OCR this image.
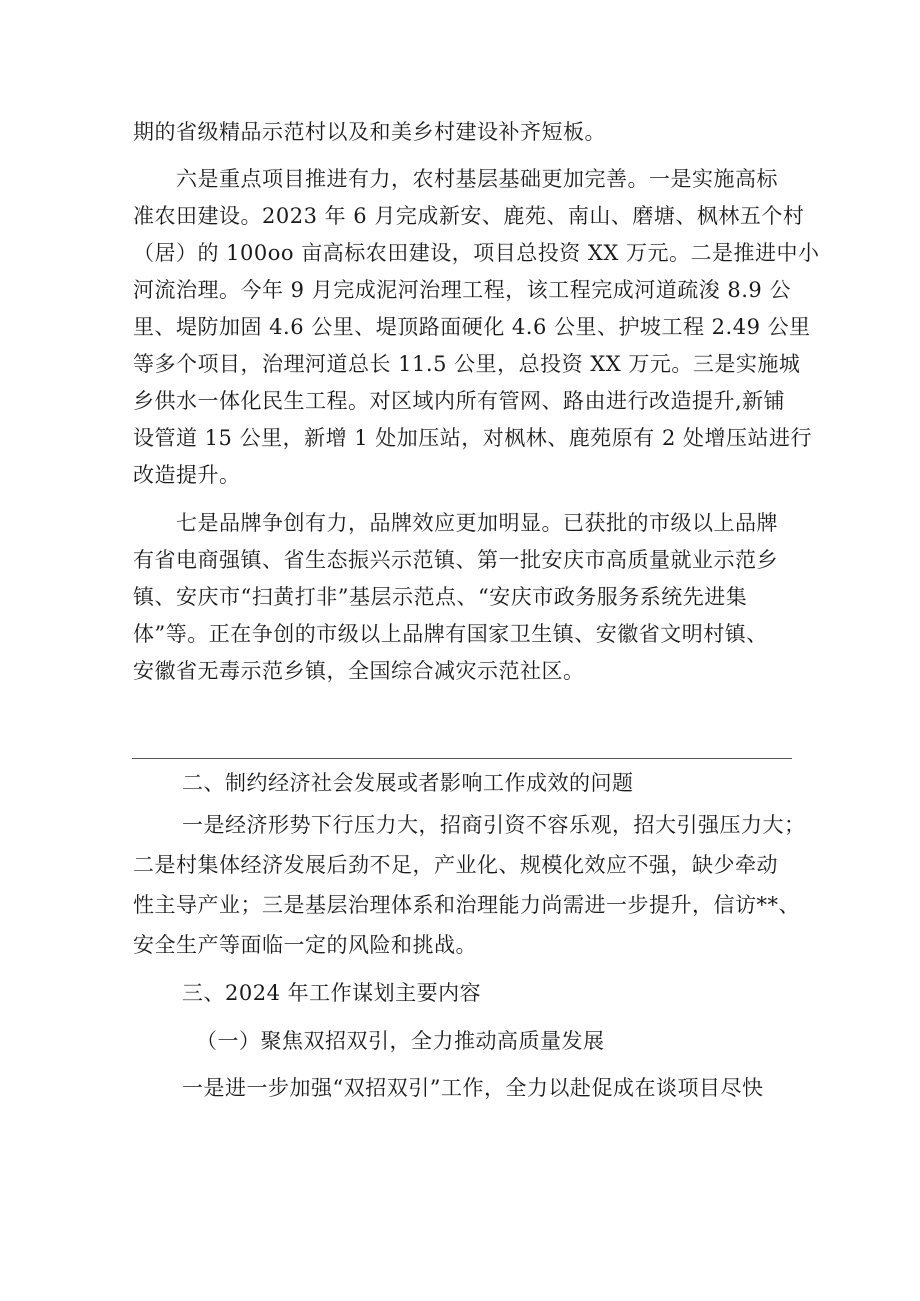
期的省级精品示范村以及和美乡村建设补齐短板。
六是重点项目推进有力，农村基层基础更加完善。一是实施高标
准农田建设。2023 年 6 月完成新安、鹿苑、南山、磨塘、枫林五个村
（居）的 100oo 亩高标农田建设，项目总投资 XX 万元。二是推进中小
河流治理。今年 9 月完成泥河治理工程，该工程完成河道疏浚 8.9 公
里、堤防加固 4.6 公里、堤顶路面硬化 4.6 公里、护坡工程 2.49 公里
等多个项目，治理河道总长 11.5 公里，总投资 XX 万元。三是实施城
乡供水一体化民生工程。对区域内所有管网、路由进行改造提升,新铺
设管道 15 公里，新增 1 处加压站，对枫林、鹿苑原有 2 处增压站进行
改造提升。
七是品牌争创有力，品牌效应更加明显。已获批的市级以上品牌
有省电商强镇、省生态振兴示范镇、第一批安庆市高质量就业示范乡
镇、安庆市“扫黄打非”基层示范点、“安庆市政务服务系统先进集
体”等。正在争创的市级以上品牌有国家卫生镇、安徽省文明村镇、
安徽省无毒示范乡镇，全国综合减灾示范社区。
二、制约经济社会发展或者影响工作成效的问题
一是经济形势下行压力大，招商引资不容乐观，招大引强压力大；
二是村集体经济发展后劲不足，产业化、规模化效应不强，缺少牵动
性主导产业；三是基层治理体系和治理能力尚需进一步提升，信访**、
安全生产等面临一定的风险和挑战。
三、2024 年工作谋划主要内容
（一）聚焦双招双引，全力推动高质量发展
一是进一步加强“双招双引”工作，全力以赴促成在谈项目尽快
